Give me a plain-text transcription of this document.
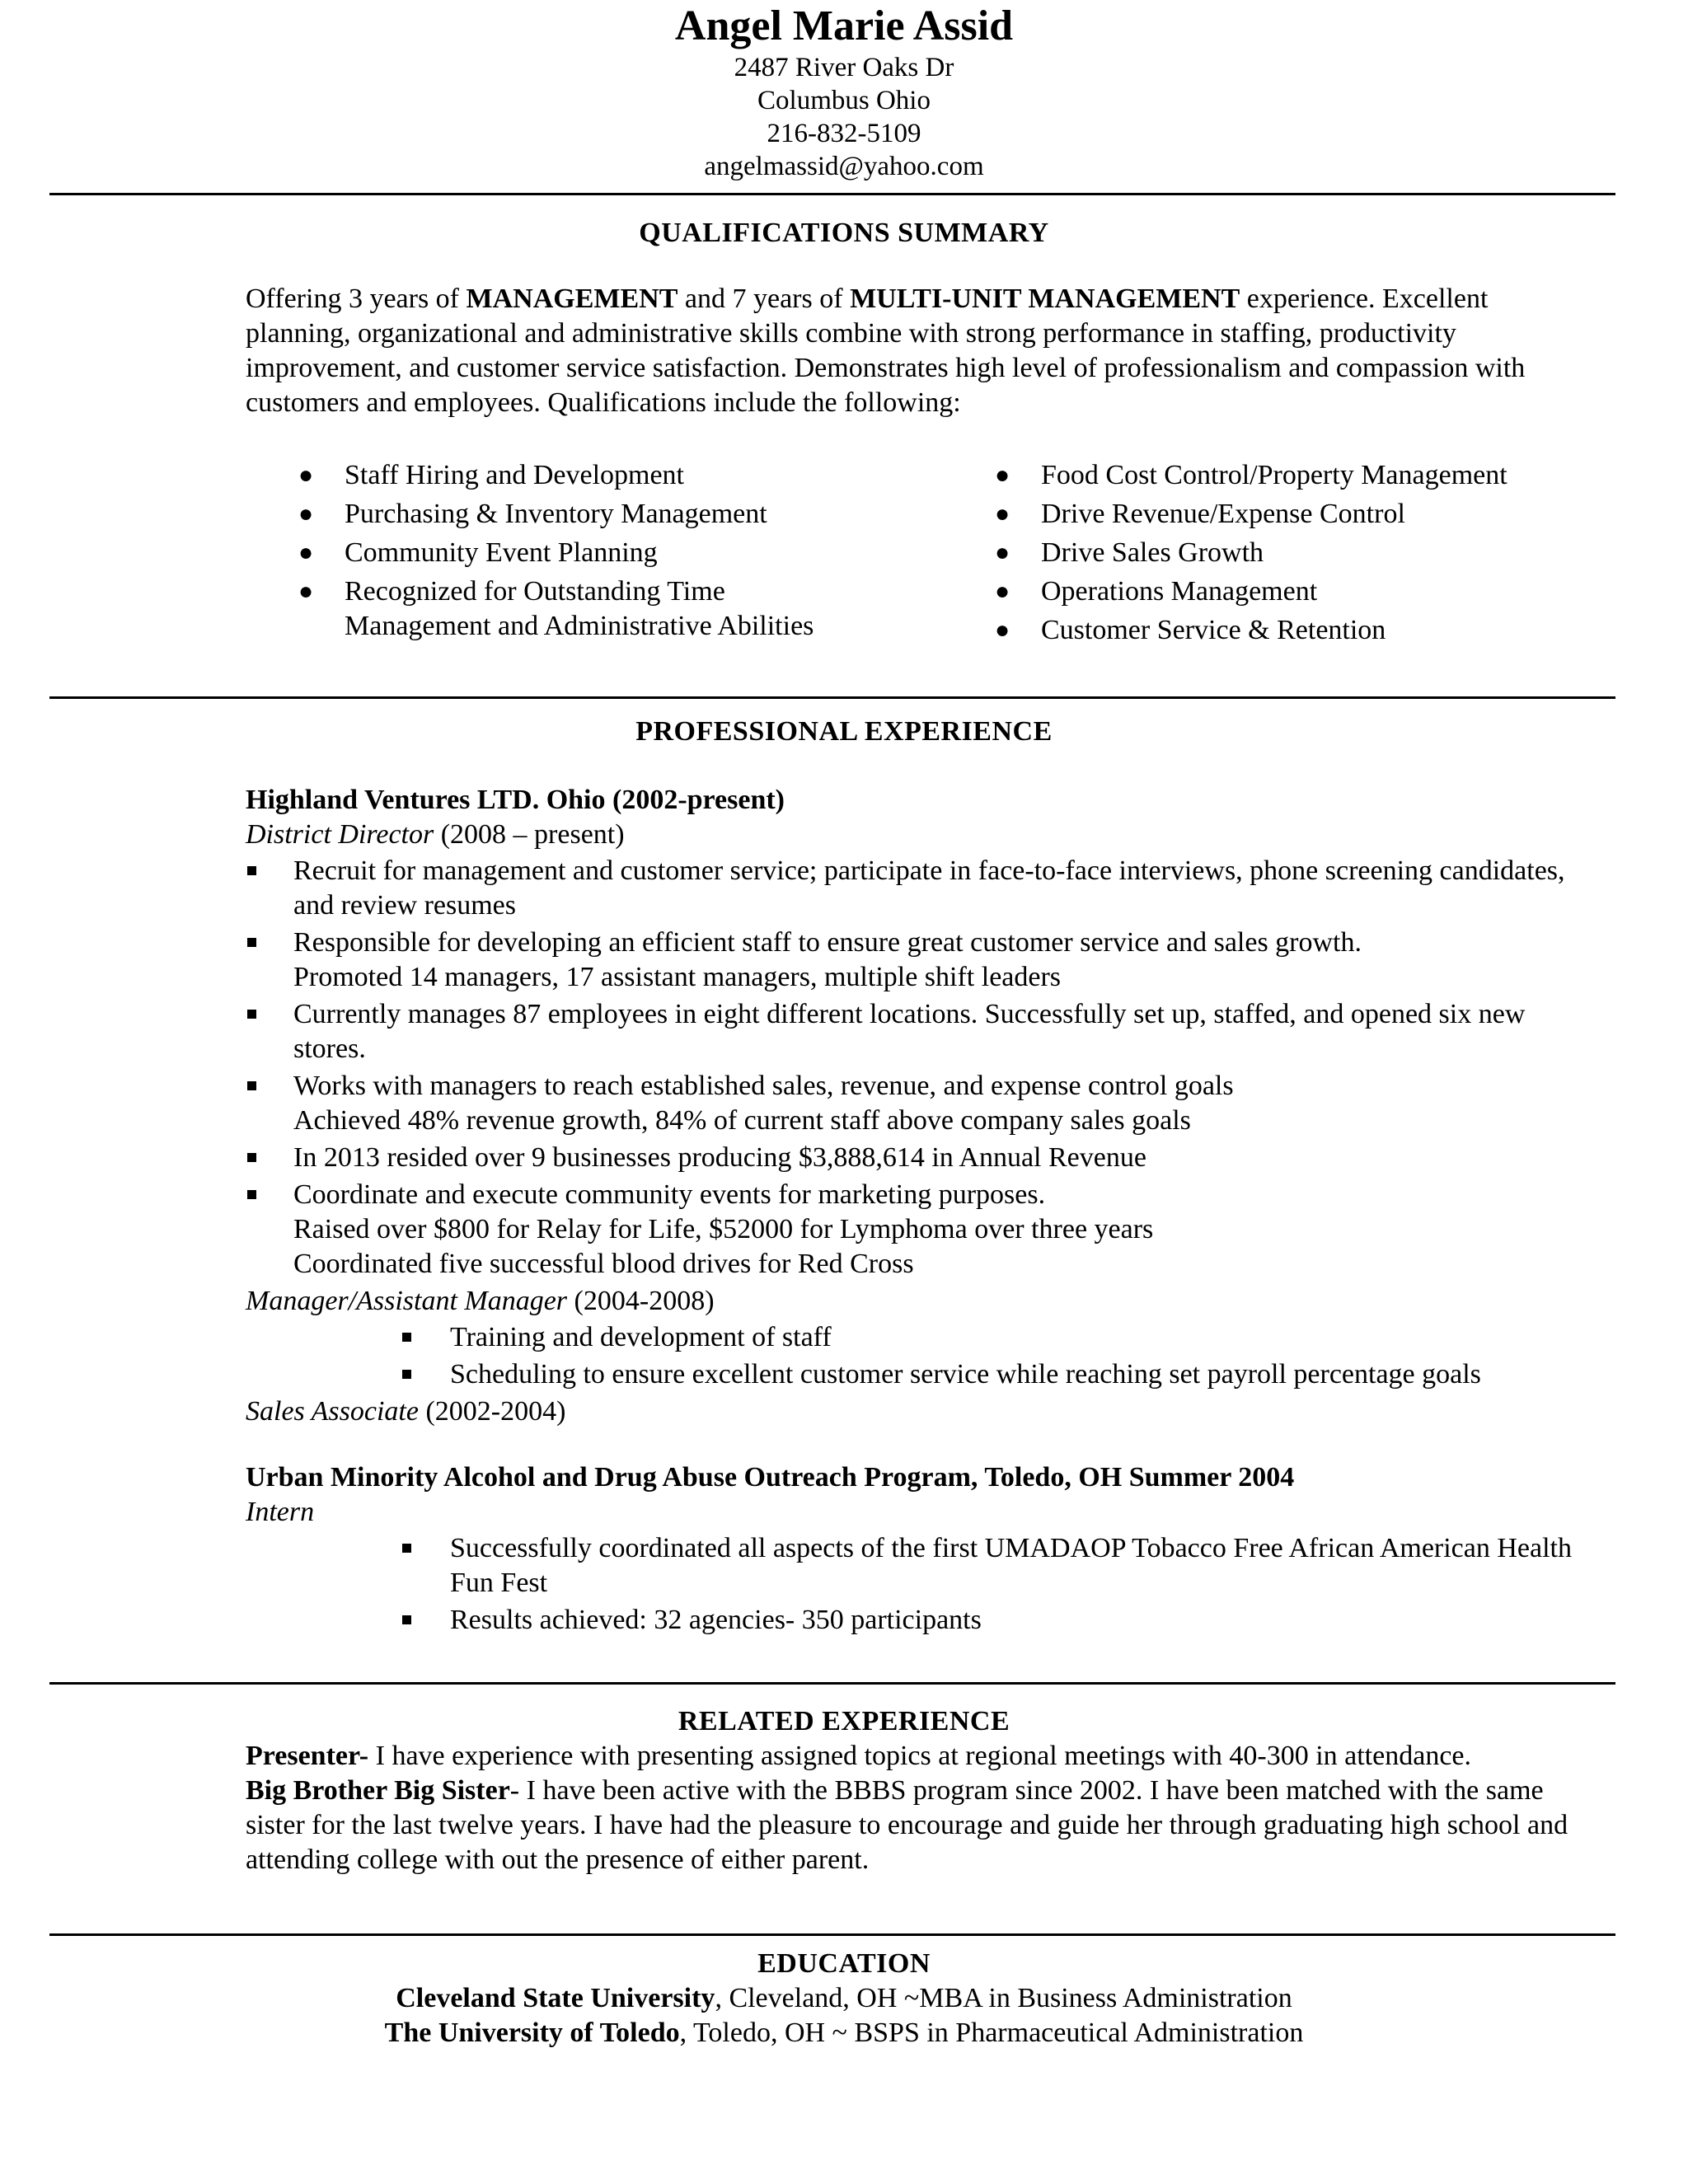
Angel Marie Assid
2487 River Oaks Dr
Columbus Ohio
216-832-5109
angelmassid@yahoo.com
QUALIFICATIONS SUMMARY
Offering 3 years of MANAGEMENT and 7 years of MULTI-UNIT MANAGEMENT experience. Excellent planning, organizational and administrative skills combine with strong performance in staffing, productivity improvement, and customer service satisfaction. Demonstrates high level of professionalism and compassion with customers and employees. Qualifications include the following:
● Staff Hiring and Development
● Purchasing & Inventory Management
● Community Event Planning
● Recognized for Outstanding Time Management and Administrative Abilities
● Food Cost Control/Property Management
● Drive Revenue/Expense Control
● Drive Sales Growth
● Operations Management
● Customer Service & Retention
PROFESSIONAL EXPERIENCE
Highland Ventures LTD. Ohio (2002-present)
District Director (2008 – present)
Recruit for management and customer service; participate in face-to-face interviews, phone screening candidates, and review resumes
Responsible for developing an efficient staff to ensure great customer service and sales growth.
Promoted 14 managers, 17 assistant managers, multiple shift leaders
Currently manages 87 employees in eight different locations. Successfully set up, staffed, and opened six new stores.
Works with managers to reach established sales, revenue, and expense control goals
Achieved 48% revenue growth, 84% of current staff above company sales goals
In 2013 resided over 9 businesses producing $3,888,614 in Annual Revenue
Coordinate and execute community events for marketing purposes.
Raised over $800 for Relay for Life, $52000 for Lymphoma over three years
Coordinated five successful blood drives for Red Cross
Manager/Assistant Manager (2004-2008)
Training and development of staff
Scheduling to ensure excellent customer service while reaching set payroll percentage goals
Sales Associate (2002-2004)
Urban Minority Alcohol and Drug Abuse Outreach Program, Toledo, OH Summer 2004
Intern
Successfully coordinated all aspects of the first UMADAOP Tobacco Free African American Health Fun Fest
Results achieved: 32 agencies- 350 participants
RELATED EXPERIENCE
Presenter- I have experience with presenting assigned topics at regional meetings with 40-300 in attendance.
Big Brother Big Sister- I have been active with the BBBS program since 2002. I have been matched with the same sister for the last twelve years. I have had the pleasure to encourage and guide her through graduating high school and attending college with out the presence of either parent.
EDUCATION
Cleveland State University, Cleveland, OH ~MBA in Business Administration
The University of Toledo, Toledo, OH ~ BSPS in Pharmaceutical Administration
